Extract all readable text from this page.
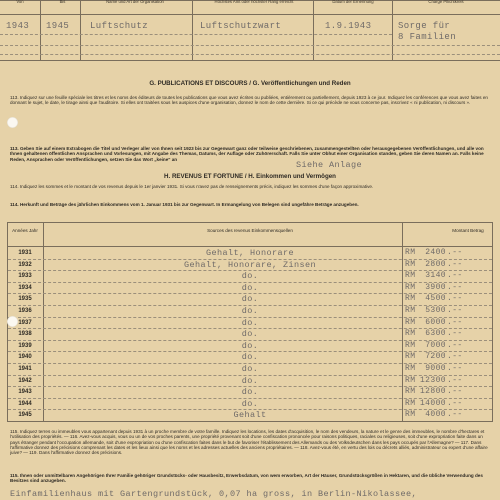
Von	Bis	Name und Art der Organisation	Höchstes Amt oder höchster Rang erreicht	Datum der Ernennung	Charge Pflichtkreis
1943 1945 Luftschutz	Luftschutzwart	1.9.1943	Sorge für
8 Familien
G. PUBLICATIONS ET DISCOURS / G. Veröffentlichungen und Reden
113. Indiquez sur une feuille spéciale les titres et les noms des éditeurs de toutes les publications que vous avez écrites ou publiées, entièrement ou partiellement, depuis 1923 à ce jour. Indiquez les conférences que vous avez faites en donnant le sujet, le date, le tirage ainsi que l'auditoire. Si elles ont traitées sous les auspices d'une organisation, donnez le nom de cette dernière. Si ce qui précède ne vous concerne pas, inscrivez « ni publication, ni discours ».
113. Geben Sie auf einem Extrabogen die Titel und Verleger aller von Ihnen seit 1923 bis zur Gegenwart ganz oder teilweise geschriebenen, zusammengestellten oder herausgegebenen Veröffentlichungen, und alle von Ihnen gehaltenen öffentlichen Ansprachen und Vorlesungen, mit Angabe des Themas, Datums, der Auflage oder Zuhörerschaft. Falls Sie unter Obhut einer Organisation standen, geben Sie deren Namen an. Falls keine Reden, Ansprachen oder Veröffentlichungen, setzen Sie das Wort „keine" an
Siehe Anlage
H. REVENUS ET FORTUNE / H. Einkommen und Vermögen
114. Indiquez les sommes et le montant de vos revenus depuis le 1er janvier 1931. Si vous n'avez pas de renseignements précis, indiquez les sommes d'une façon approximative.
114. Herkunft und Beträge des jährlichen Einkommens vom 1. Januar 1931 bis zur Gegenwart. In Ermangelung von Belegen sind ungefähre Beträge anzugeben.
Années Jahr	Sources des revenus Einkommensquellen	Montant Betrag
1931	Gehalt, Honorare	RM	2400 .--
1932	Gehalt, Honorare, Zinsen	RM	2800 .--
1933	do.	RM	3140 .--
1934	do.	RM	3900 .--
1935	do.	RM	4500 .--
1936	do.	RM	5300 .--
1937	do.	RM	6000 .--
1938	do.	RM	6300 .--
1939	do.	RM	7000 .--
1940	do.	RM	7200 .--
1941	do.	RM	9000 .--
1942	do.	RM 12300 .--
1943	do.	RM 12800 .--
1944	do.	RM 14000 .--
1945	Gehalt	RM	4000 .--
115. Indiquez terres ou immeubles vous appartenant depuis 1931 à un proche membre de votre famille. Indiquez les locations, les dates d'acquisition, le nom des vendeurs, la nature et le genre des immeubles, le nombre d'hectares et l'utilisation des propriétés. — 116. Avez-vous acquis, vous ou un de vos proches parents, une propriété provenant soit d'une confiscation prononcée pour raisons politiques, raciales ou religieuses, soit d'une expropriation faite dans un pays étranger pendant l'occupation allemande, soit d'une expropriation ou d'une confiscation faites dans le but de favoriser l'établissement des Allemands ou des Volksdeutschen dans les pays occupés par l'Allemagne? — 117. Dans l'affirmative donnez des précisions comprenant les dates et les lieux ainsi que les noms et les adresses actuelles des anciens propriétaires. — 118. Avez-vous été, en vertu des lois ou décrets alliés, administrateur ou expert d'une affaire juive? — 119. Dans l'affirmative donnez des précisions.
115. Ihnen oder unmittelbaren Angehörigen Ihrer Familie gehöriger Grundstücks- oder Hausbesitz, Erwerbsdatum, von wem erworben, Art der Häuser, Grundstücksgrößen in Hektaren, und die übliche Verwendung des Besitzes sind anzugeben.
Einfamilienhaus mit Gartengrundstück, 0,07 ha gross, in Berlin-Nikolassee,
